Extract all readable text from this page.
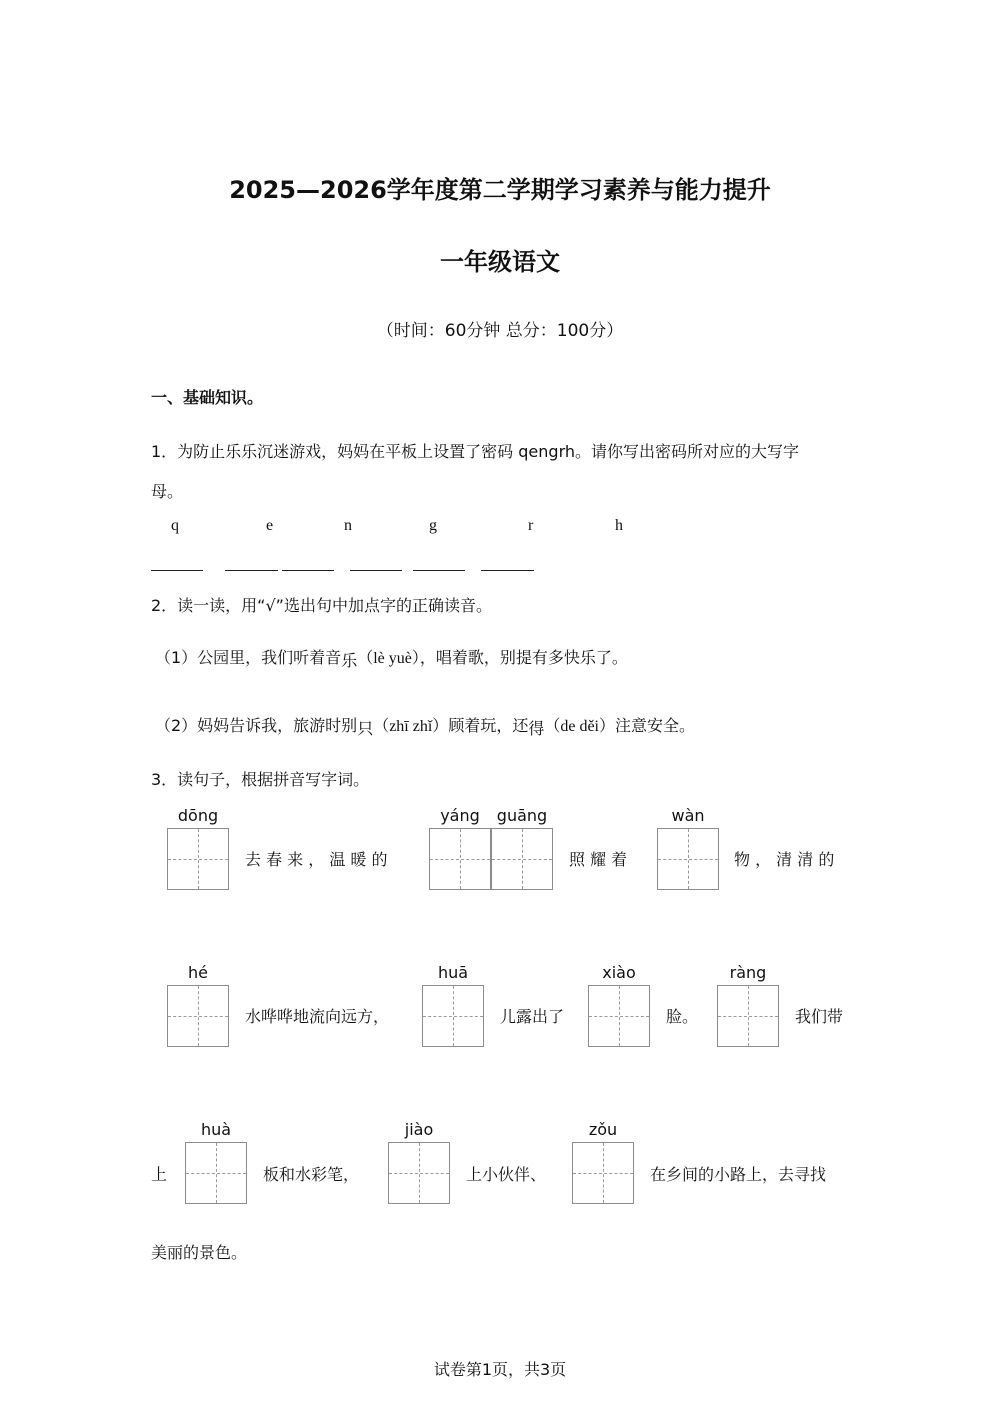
2025—2026学年度第二学期学习素养与能力提升
一年级语文
（时间：60分钟 总分：100分）
一、基础知识。
1．为防止乐乐沉迷游戏，妈妈在平板上设置了密码 qengrh。请你写出密码所对应的大写字
母。
q	e	n	g	r	h
2．读一读，用“√”选出句中加点字的正确读音。
（1）公园里，我们听着音乐（lè yuè），唱着歌，别提有多快乐了。
（2）妈妈告诉我，旅游时别只（zhī zhǐ）顾着玩，还得（de děi）注意安全。
3．读句子，根据拼音写字词。
dōng
去 春 来 ， 温 暖 的
yáng	guāng
照 耀 着
wàn
物 ， 清 清 的
hé
水哗哗地流向远方，
huā
儿露出了
xiào
脸。
ràng
我们带
上
huà
板和水彩笔，
jiào
上小伙伴、
zǒu
在乡间的小路上，去寻找
美丽的景色。
试卷第1页，共3页
